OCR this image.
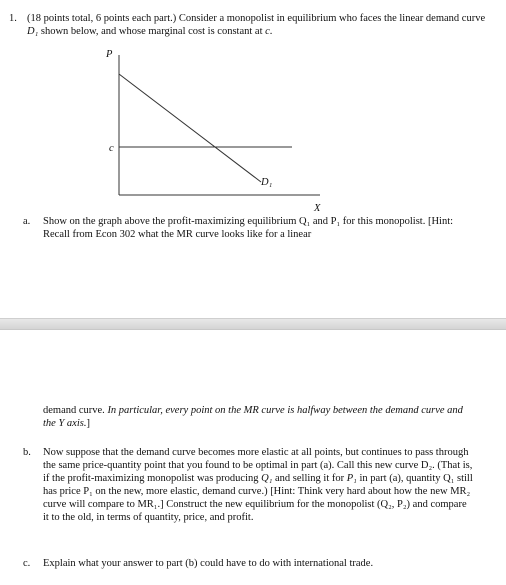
1. (18 points total, 6 points each part.) Consider a monopolist in equilibrium who faces the linear demand curve D₁ shown below, and whose marginal cost is constant at c.
P
c
D₁
X
a. Show on the graph above the profit-maximizing equilibrium Q₁ and P₁ for this monopolist. [Hint: Recall from Econ 302 what the MR curve looks like for a linear
demand curve. In particular, every point on the MR curve is halfway between the demand curve and the Y axis.]
b. Now suppose that the demand curve becomes more elastic at all points, but continues to pass through the same price-quantity point that you found to be optimal in part (a). Call this new curve D₂. (That is, if the profit-maximizing monopolist was producing Q₁ and selling it for P₁ in part (a), quantity Q₁ still has price P₁ on the new, more elastic, demand curve.) [Hint: Think very hard about how the new MR₂ curve will compare to MR₁.] Construct the new equilibrium for the monopolist (Q₂, P₂) and compare it to the old, in terms of quantity, price, and profit.
c. Explain what your answer to part (b) could have to do with international trade.
